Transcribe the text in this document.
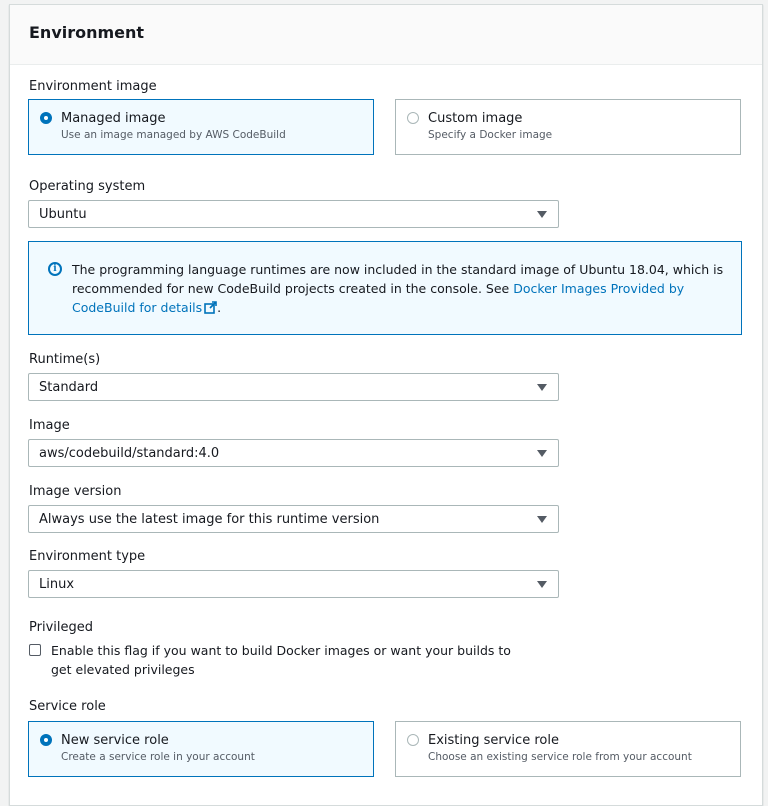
Environment
Environment image
Managed image
Use an image managed by AWS CodeBuild
Custom image
Specify a Docker image
Operating system
Ubuntu
i	The programming language runtimes are now included in the standard image of Ubuntu 18.04, which is recommended for new CodeBuild projects created in the console. See Docker Images Provided by CodeBuild for details .
Runtime(s)
Standard
Image
aws/codebuild/standard:4.0
Image version
Always use the latest image for this runtime version
Environment type
Linux
Privileged
Enable this flag if you want to build Docker images or want your builds to get elevated privileges
Service role
New service role
Create a service role in your account
Existing service role
Choose an existing service role from your account
